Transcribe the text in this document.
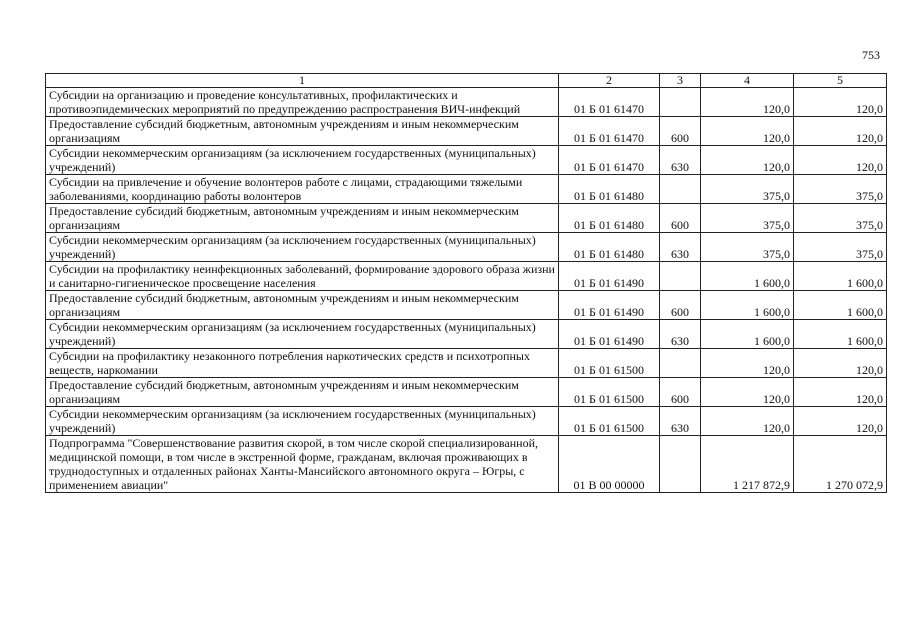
753
1	2	3	4	5
Субсидии на организацию и проведение консультативных, профилактических и противоэпидемических мероприятий по предупреждению распространения ВИЧ-инфекций	01 Б 01 61470		120,0	120,0
Предоставление субсидий бюджетным, автономным учреждениям и иным некоммерческим организациям	01 Б 01 61470	600	120,0	120,0
Субсидии некоммерческим организациям (за исключением государственных (муниципальных) учреждений)	01 Б 01 61470	630	120,0	120,0
Субсидии на привлечение и обучение волонтеров работе с лицами, страдающими тяжелыми заболеваниями, координацию работы волонтеров	01 Б 01 61480		375,0	375,0
Предоставление субсидий бюджетным, автономным учреждениям и иным некоммерческим организациям	01 Б 01 61480	600	375,0	375,0
Субсидии некоммерческим организациям (за исключением государственных (муниципальных) учреждений)	01 Б 01 61480	630	375,0	375,0
Субсидии на профилактику неинфекционных заболеваний, формирование здорового образа жизни и санитарно-гигиеническое просвещение населения	01 Б 01 61490		1 600,0	1 600,0
Предоставление субсидий бюджетным, автономным учреждениям и иным некоммерческим организациям	01 Б 01 61490	600	1 600,0	1 600,0
Субсидии некоммерческим организациям (за исключением государственных (муниципальных) учреждений)	01 Б 01 61490	630	1 600,0	1 600,0
Субсидии на профилактику незаконного потребления наркотических средств и психотропных веществ, наркомании	01 Б 01 61500		120,0	120,0
Предоставление субсидий бюджетным, автономным учреждениям и иным некоммерческим организациям	01 Б 01 61500	600	120,0	120,0
Субсидии некоммерческим организациям (за исключением государственных (муниципальных) учреждений)	01 Б 01 61500	630	120,0	120,0
Подпрограмма "Совершенствование развития скорой, в том числе скорой специализированной, медицинской помощи, в том числе в экстренной форме, гражданам, включая проживающих в труднодоступных и отдаленных районах Ханты-Мансийского автономного округа – Югры, с применением авиации"	01 В 00 00000		1 217 872,9	1 270 072,9
